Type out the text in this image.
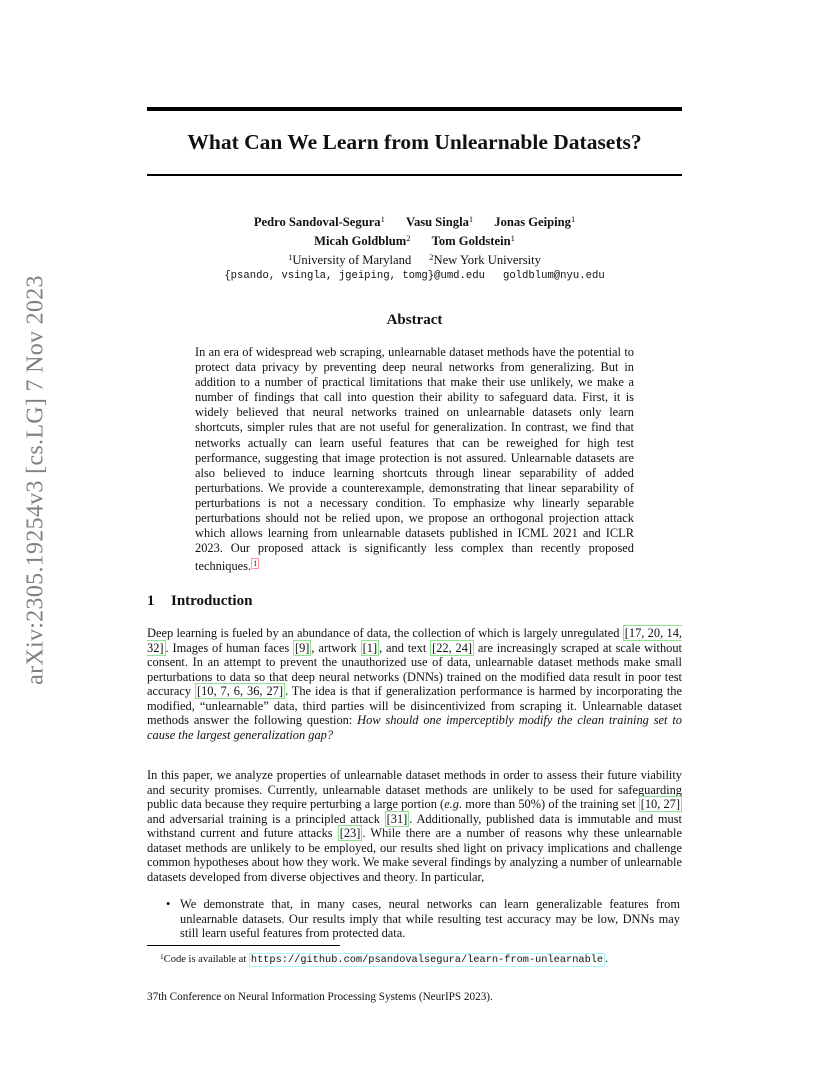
arXiv:2305.19254v3 [cs.LG] 7 Nov 2023
What Can We Learn from Unlearnable Datasets?
Pedro Sandoval-Segura$^1$ Vasu Singla$^1$ Jonas Geiping$^1$
Micah Goldblum$^2$ Tom Goldstein$^1$
$^1$University of Maryland $^2$New York University
{psando, vsingla, jgeiping, tomg}@umd.edu goldblum@nyu.edu
Abstract
In an era of widespread web scraping, unlearnable dataset methods have the potential to protect data privacy by preventing deep neural networks from generalizing. But in addition to a number of practical limitations that make their use unlikely, we make a number of findings that call into question their ability to safeguard data. First, it is widely believed that neural networks trained on unlearnable datasets only learn shortcuts, simpler rules that are not useful for generalization. In contrast, we find that networks actually can learn useful features that can be reweighed for high test performance, suggesting that image protection is not assured. Unlearnable datasets are also believed to induce learning shortcuts through linear separability of added perturbations. We provide a counterexample, demonstrating that linear separability of perturbations is not a necessary condition. To emphasize why linearly separable perturbations should not be relied upon, we propose an orthogonal projection attack which allows learning from unlearnable datasets published in ICML 2021 and ICLR 2023. Our proposed attack is significantly less complex than recently proposed techniques. $^1$
1 Introduction
Deep learning is fueled by an abundance of data, the collection of which is largely unregulated [17, 20, 14, 32] . Images of human faces [9] , artwork [1] , and text [22, 24] are increasingly scraped at scale without consent. In an attempt to prevent the unauthorized use of data, unlearnable dataset methods make small perturbations to data so that deep neural networks (DNNs) trained on the modified data result in poor test accuracy [10, 7, 6, 36, 27] . The idea is that if generalization performance is harmed by incorporating the modified, “unlearnable” data, third parties will be disincentivized from scraping it. Unlearnable dataset methods answer the following question: How should one imperceptibly modify the clean training set to cause the largest generalization gap?
In this paper, we analyze properties of unlearnable dataset methods in order to assess their future viability and security promises. Currently, unlearnable dataset methods are unlikely to be used for safeguarding public data because they require perturbing a large portion (e.g. more than 50%) of the training set [10, 27] and adversarial training is a principled attack [31] . Additionally, published data is immutable and must withstand current and future attacks [23] . While there are a number of reasons why these unlearnable dataset methods are unlikely to be employed, our results shed light on privacy implications and challenge common hypotheses about how they work. We make several findings by analyzing a number of unlearnable datasets developed from diverse objectives and theory. In particular,
• We demonstrate that, in many cases, neural networks can learn generalizable features from unlearnable datasets. Our results imply that while resulting test accuracy may be low, DNNs may still learn useful features from protected data.
$^1$Code is available at https://github.com/psandovalsegura/learn-from-unlearnable .
37th Conference on Neural Information Processing Systems (NeurIPS 2023).
